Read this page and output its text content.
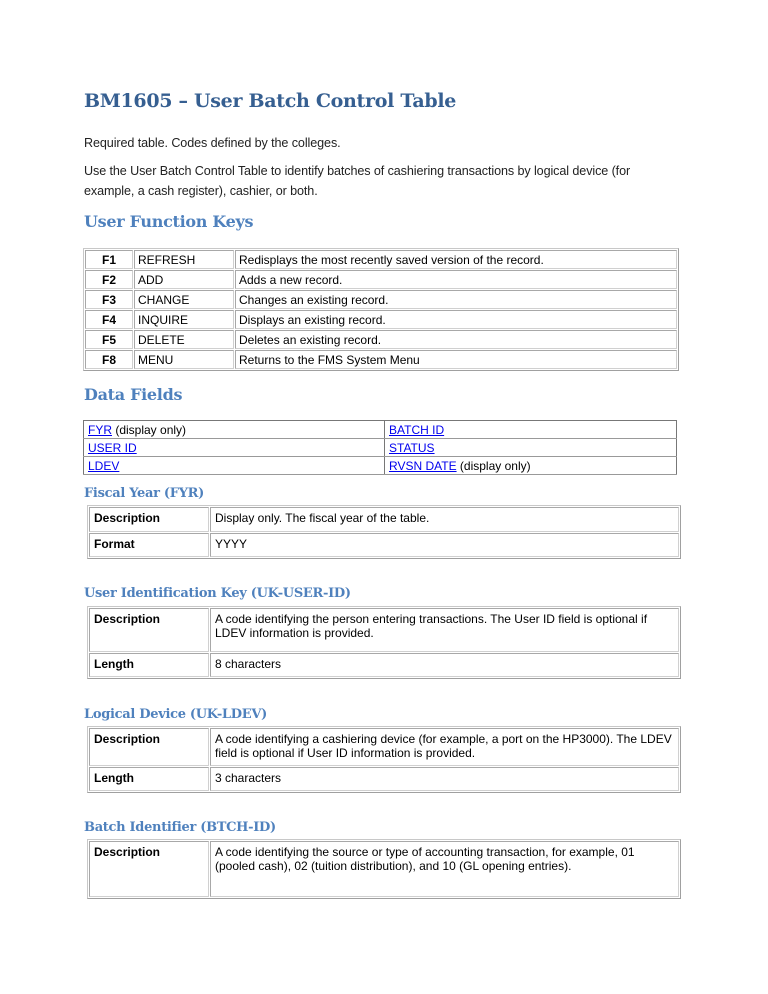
BM1605 – User Batch Control Table

Required table. Codes defined by the colleges.

Use the User Batch Control Table to identify batches of cashiering transactions by logical device (for

example, a cash register), cashier, or both.

User Function Keys
F1	REFRESH	Redisplays the most recently saved version of the record.
F2	ADD	Adds a new record.
F3	CHANGE	Changes an existing record.
F4	INQUIRE	Displays an existing record.
F5	DELETE	Deletes an existing record.
F8	MENU	Returns to the FMS System Menu
Data Fields
FYR (display only)	BATCH ID
USER ID	STATUS
LDEV	RVSN DATE (display only)
Fiscal Year (FYR)
Description	Display only. The fiscal year of the table.
Format	YYYY
User Identification Key (UK-USER-ID)
Description	A code identifying the person entering transactions. The User ID field is optional if LDEV information is provided.
Length	8 characters
Logical Device (UK-LDEV)
Description	A code identifying a cashiering device (for example, a port on the HP3000). The LDEV field is optional if User ID information is provided.
Length	3 characters
Batch Identifier (BTCH-ID)
Description	A code identifying the source or type of accounting transaction, for example, 01 (pooled cash), 02 (tuition distribution), and 10 (GL opening entries).
